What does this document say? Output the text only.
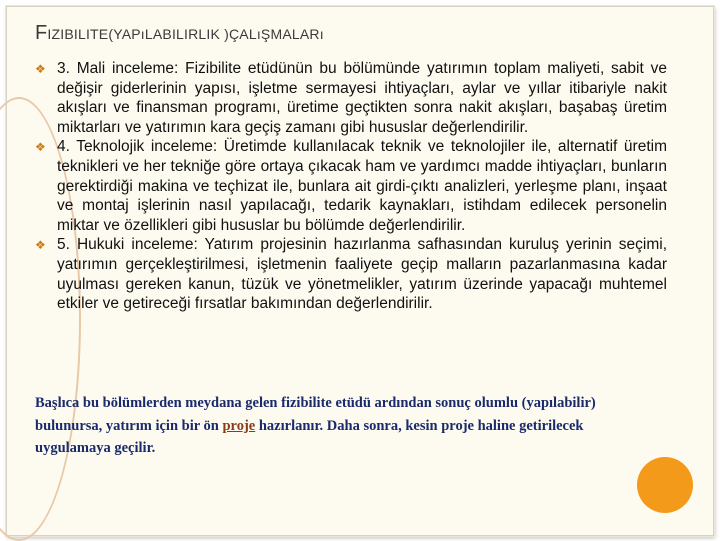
FIZIBILITE(YAPıLABILIRLIK )ÇALıŞMALARı
❖ 3. Mali inceleme: Fizibilite etüdünün bu bölümünde yatırımın toplam maliyeti, sabit ve değişir giderlerinin yapısı, işletme sermayesi ihtiyaçları, aylar ve yıllar itibariyle nakit akışları ve finansman programı, üretime geçtikten sonra nakit akışları, başabaş üretim miktarları ve yatırımın kara geçiş zamanı gibi hususlar değerlendirilir.
❖ 4. Teknolojik inceleme: Üretimde kullanılacak teknik ve teknolojiler ile, alternatif üretim teknikleri ve her tekniğe göre ortaya çıkacak ham ve yardımcı madde ihtiyaçları, bunların gerektirdiği makina ve teçhizat ile, bunlara ait girdi-çıktı analizleri, yerleşme planı, inşaat ve montaj işlerinin nasıl yapılacağı, tedarik kaynakları, istihdam edilecek personelin miktar ve özellikleri gibi hususlar bu bölümde değerlendirilir.
❖ 5. Hukuki inceleme: Yatırım projesinin hazırlanma safhasından kuruluş yerinin seçimi, yatırımın gerçekleştirilmesi, işletmenin faaliyete geçip malların pazarlanmasına kadar uyulması gereken kanun, tüzük ve yönetmelikler, yatırım üzerinde yapacağı muhtemel etkiler ve getireceği fırsatlar bakımından değerlendirilir.
Başlıca bu bölümlerden meydana gelen fizibilite etüdü ardından sonuç olumlu (yapılabilir) bulunursa, yatırım için bir ön proje hazırlanır. Daha sonra, kesin proje haline getirilecek uygulamaya geçilir.
